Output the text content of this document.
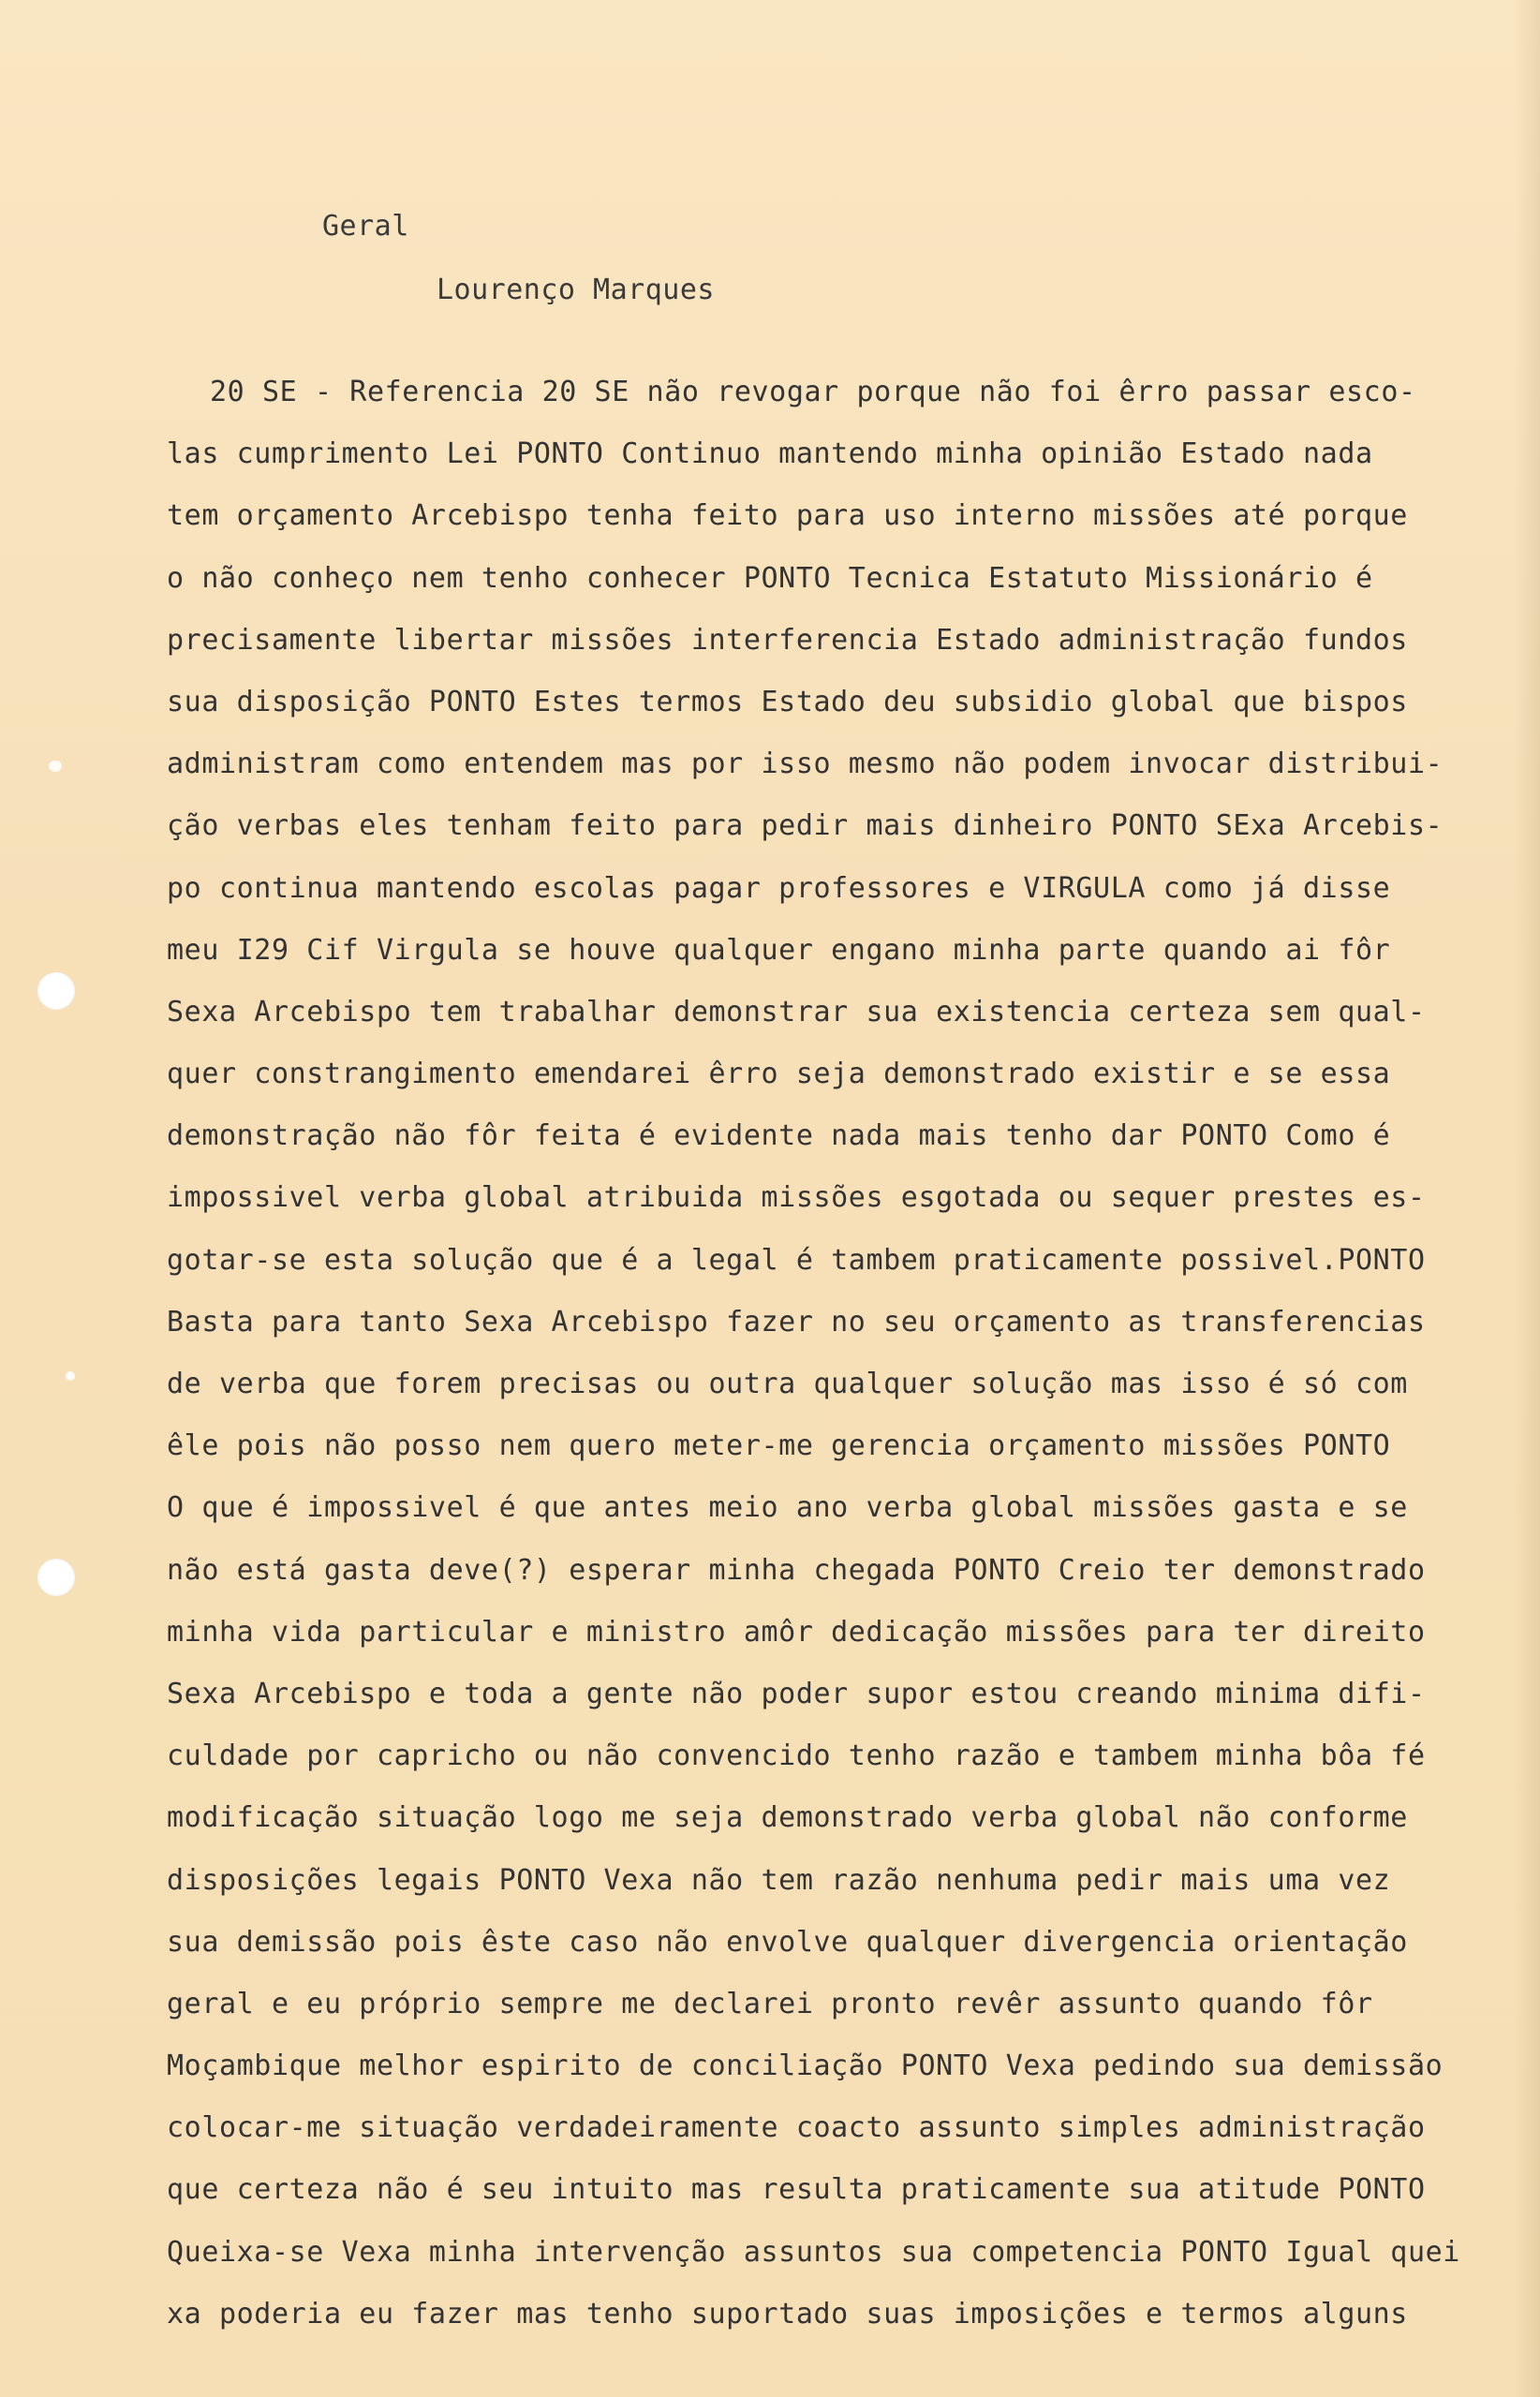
Geral
Lourenço Marques
20 SE - Referencia 20 SE não revogar porque não foi êrro passar esco-
las cumprimento Lei PONTO Continuo mantendo minha opinião Estado nada
tem orçamento Arcebispo tenha feito para uso interno missões até porque
o não conheço nem tenho conhecer PONTO Tecnica Estatuto Missionário é
precisamente libertar missões interferencia Estado administração fundos
sua disposição PONTO Estes termos Estado deu subsidio global que bispos
administram como entendem mas por isso mesmo não podem invocar distribui-
ção verbas eles tenham feito para pedir mais dinheiro PONTO SExa Arcebis-
po continua mantendo escolas pagar professores e VIRGULA como já disse
meu I29 Cif Virgula se houve qualquer engano minha parte quando ai fôr
Sexa Arcebispo tem trabalhar demonstrar sua existencia certeza sem qual-
quer constrangimento emendarei êrro seja demonstrado existir e se essa
demonstração não fôr feita é evidente nada mais tenho dar PONTO Como é
impossivel verba global atribuida missões esgotada ou sequer prestes es-
gotar-se esta solução que é a legal é tambem praticamente possivel.PONTO
Basta para tanto Sexa Arcebispo fazer no seu orçamento as transferencias
de verba que forem precisas ou outra qualquer solução mas isso é só com
êle pois não posso nem quero meter-me gerencia orçamento missões PONTO
O que é impossivel é que antes meio ano verba global missões gasta e se
não está gasta deve(?) esperar minha chegada PONTO Creio ter demonstrado
minha vida particular e ministro amôr dedicação missões para ter direito
Sexa Arcebispo e toda a gente não poder supor estou creando minima difi-
culdade por capricho ou não convencido tenho razão e tambem minha bôa fé
modificação situação logo me seja demonstrado verba global não conforme
disposições legais PONTO Vexa não tem razão nenhuma pedir mais uma vez
sua demissão pois êste caso não envolve qualquer divergencia orientação
geral e eu próprio sempre me declarei pronto revêr assunto quando fôr
Moçambique melhor espirito de conciliação PONTO Vexa pedindo sua demissão
colocar-me situação verdadeiramente coacto assunto simples administração
que certeza não é seu intuito mas resulta praticamente sua atitude PONTO
Queixa-se Vexa minha intervenção assuntos sua competencia PONTO Igual quei
xa poderia eu fazer mas tenho suportado suas imposições e termos alguns
